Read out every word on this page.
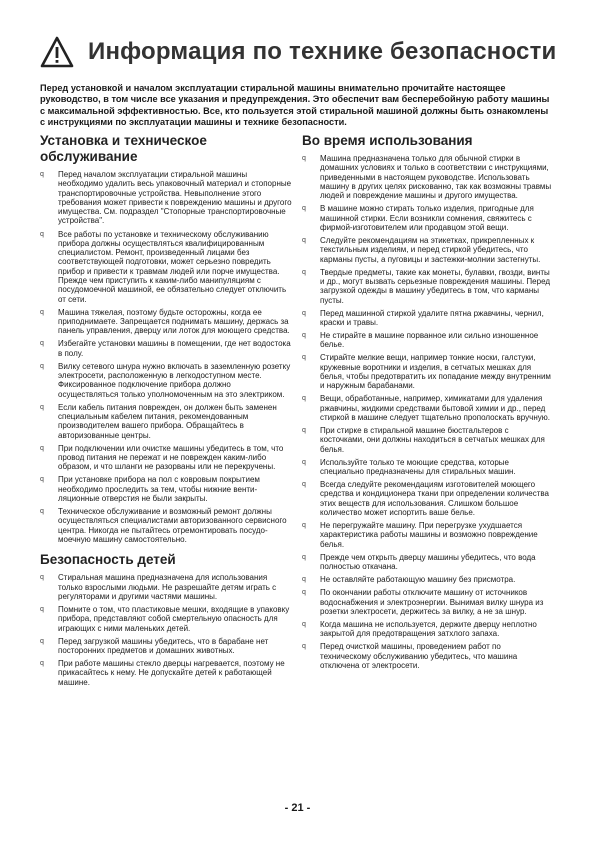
Информация по технике безопасности
Перед установкой и началом эксплуатации стиральной машины внимательно прочитайте настоящее руководство, в том числе все указания и предупреждения. Это обеспечит вам бесперебойную работу машины с максимальной эффективностью. Все, кто пользуется этой стиральной машиной должны быть ознакомлены с инструкциями по эксплуатации машины и технике безопасности.
Установка и техническое обслуживание
q Перед началом эксплуатации стиральной машины необходимо удалить весь упаковочный материал и стопорные транспортировочные устройства. Невыполнение этого требования может привести к повреждению машины и другого имущества. См. подраздел "Стопорные транспортировочные устройства".
q Все работы по установке и техническому обслуживанию прибора должны осуществляться квалифицированным специалистом. Ремонт, произведенный лицами без соответствующей подготовки, может серьезно повредить прибор и привести к травмам людей или порче имущества. Прежде чем приступить к каким-либо манипуляциям с посудомоечной машиной, ее обязательно следует отключить от сети.
q Машина тяжелая, поэтому будьте осторожны, когда ее приподнимаете. Запрещается поднимать машину, держась за панель управления, дверцу или лоток для моющего средства.
q Избегайте установки машины в помещении, где нет водостока в полу.
q Вилку сетевого шнура нужно включать в заземленную розетку электросети, расположенную в легкодоступном месте. Фиксированное подключение прибора должно осуществляться только уполномоченным на это электриком.
q Если кабель питания поврежден, он должен быть заменен специальным кабелем питания, рекомендованным производителем вашего прибора. Обращайтесь в авторизованные центры.
q При подключении или очистке машины убедитесь в том, что провод питания не пережат и не поврежден каким-либо образом, и что шланги не разорваны или не перекручены.
q При установке прибора на пол с ковровым покрытием необходимо проследить за тем, чтобы нижние венти-ляционные отверстия не были закрыты.
q Техническое обслуживание и возможный ремонт должны осуществляться специалистами авторизованного сервисного центра. Никогда не пытайтесь отремонтировать посудо-моечную машину самостоятельно.
Безопасность детей
q Стиральная машина предназначена для использования только взрослыми людьми. Не разрешайте детям играть с регуляторами и другими частями машины.
q Помните о том, что пластиковые мешки, входящие в упаковку прибора, представляют собой смертельную опасность для играющих с ними маленьких детей.
q Перед загрузкой машины убедитесь, что в барабане нет посторонних предметов и домашних животных.
q При работе машины стекло дверцы нагревается, поэтому не прикасайтесь к нему. Не допускайте детей к работающей машине.
Во время использования
q Машина предназначена только для обычной стирки в домашних условиях и только в соответствии с инструкциями, приведенными в настоящем руководстве. Использовать машину в других целях рискованно, так как возможны травмы людей и повреждение машины и другого имущества.
q В машине можно стирать только изделия, пригодные для машинной стирки. Если возникли сомнения, свяжитесь с фирмой-изготовителем или продавцом этой вещи.
q Следуйте рекомендациям на этикетках, прикрепленных к текстильным изделиям, и перед стиркой убедитесь, что карманы пусты, а пуговицы и застежки-молнии застегнуты.
q Твердые предметы, такие как монеты, булавки, гвозди, винты и др., могут вызвать серьезные повреждения машины. Перед загрузкой одежды в машину убедитесь в том, что карманы пусты.
q Перед машинной стиркой удалите пятна ржавчины, чернил, краски и травы.
q Не стирайте в машине порванное или сильно изношенное белье.
q Стирайте мелкие вещи, например тонкие носки, галстуки, кружевные воротники и изделия, в сетчатых мешках для белья, чтобы предотвратить их попадание между внутренним и наружным барабанами.
q Вещи, обработанные, например, химикатами для удаления ржавчины, жидкими средствами бытовой химии и др., перед стиркой в машине следует тщательно прополоскать вручную.
q При стирке в стиральной машине бюстгальтеров с косточками, они должны находиться в сетчатых мешках для белья.
q Используйте только те моющие средства, которые специально предназначены для стиральных машин.
q Всегда следуйте рекомендациям изготовителей моющего средства и кондиционера ткани при определении количества этих веществ для использования. Слишком большое количество может испортить ваше белье.
q Не перегружайте машину. При перегрузке ухудшается характеристика работы машины и возможно повреждение белья.
q Прежде чем открыть дверцу машины убедитесь, что вода полностью откачана.
q Не оставляйте работающую машину без присмотра.
q По окончании работы отключите машину от источников водоснабжения и электроэнергии. Вынимая вилку шнура из розетки электросети, держитесь за вилку, а не за шнур.
q Когда машина не используется, держите дверцу неплотно закрытой для предотвращения затхлого запаха.
q Перед очисткой машины, проведением работ по техническому обслуживанию убедитесь, что машина отключена от электросети.
- 21 -
